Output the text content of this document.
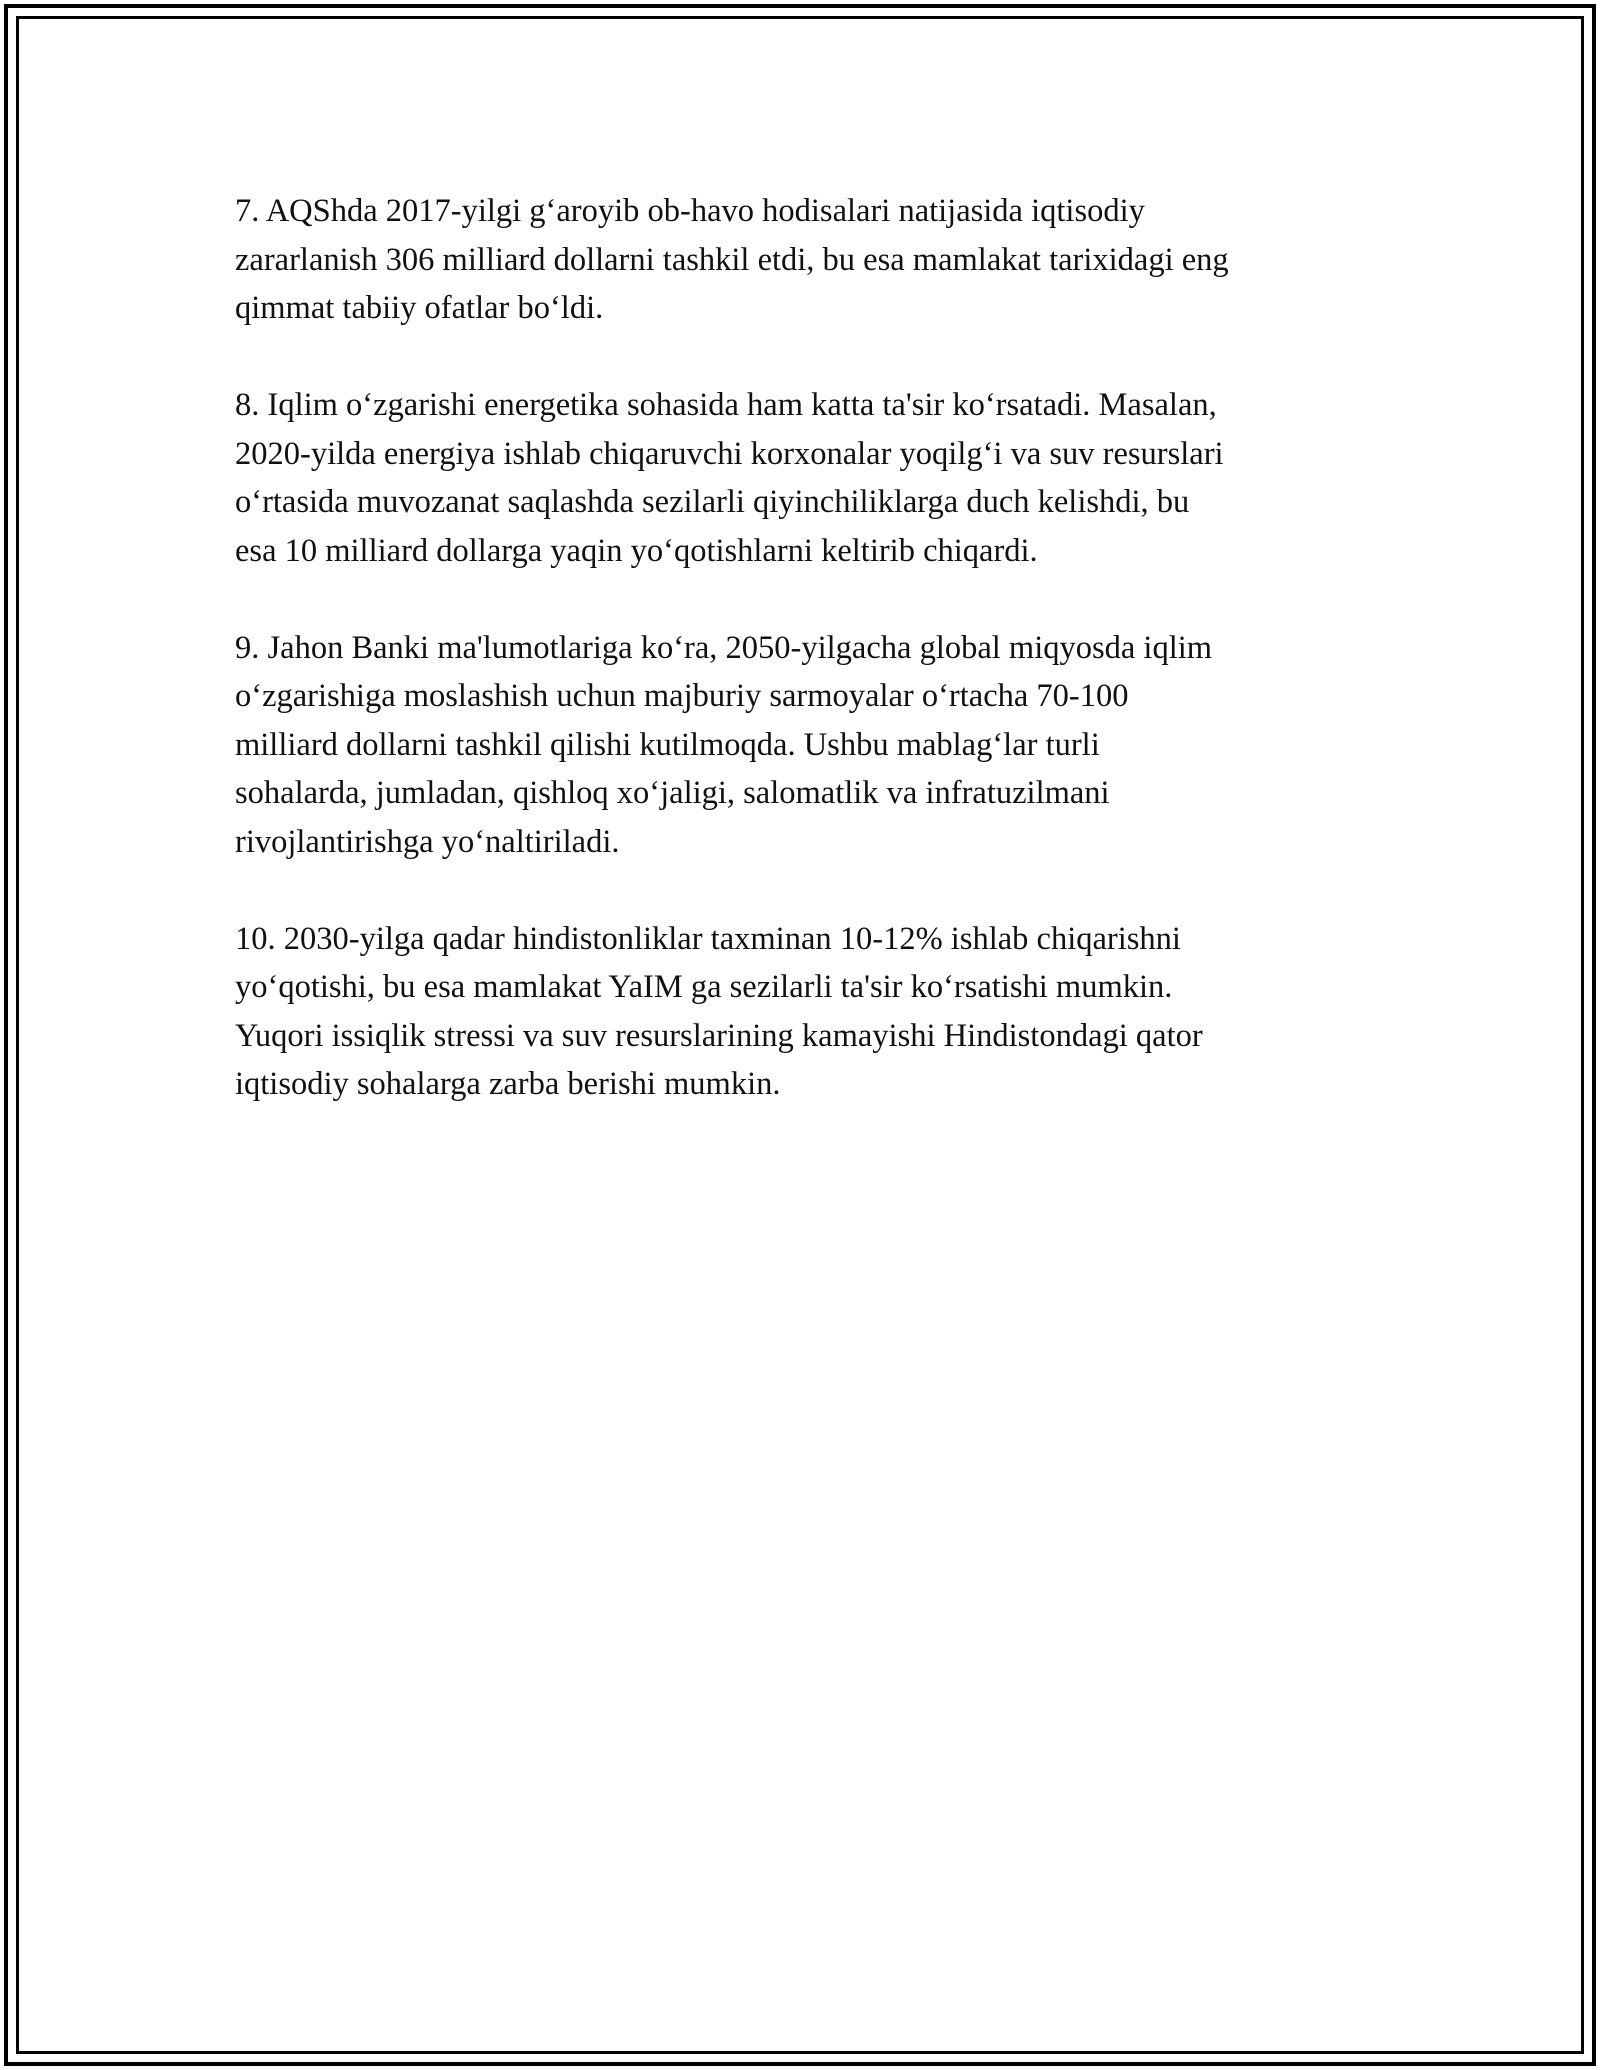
7. AQShda 2017-yilgi g‘aroyib ob-havo hodisalari natijasida iqtisodiy
zararlanish 306 milliard dollarni tashkil etdi, bu esa mamlakat tarixidagi eng
qimmat tabiiy ofatlar bo‘ldi.

8. Iqlim o‘zgarishi energetika sohasida ham katta ta'sir ko‘rsatadi. Masalan,
2020-yilda energiya ishlab chiqaruvchi korxonalar yoqilg‘i va suv resurslari
o‘rtasida muvozanat saqlashda sezilarli qiyinchiliklarga duch kelishdi, bu
esa 10 milliard dollarga yaqin yo‘qotishlarni keltirib chiqardi.

9. Jahon Banki ma'lumotlariga ko‘ra, 2050-yilgacha global miqyosda iqlim
o‘zgarishiga moslashish uchun majburiy sarmoyalar o‘rtacha 70-100
milliard dollarni tashkil qilishi kutilmoqda. Ushbu mablag‘lar turli
sohalarda, jumladan, qishloq xo‘jaligi, salomatlik va infratuzilmani
rivojlantirishga yo‘naltiriladi.

10. 2030-yilga qadar hindistonliklar taxminan 10-12% ishlab chiqarishni
yo‘qotishi, bu esa mamlakat YaIM ga sezilarli ta'sir ko‘rsatishi mumkin.
Yuqori issiqlik stressi va suv resurslarining kamayishi Hindistondagi qator
iqtisodiy sohalarga zarba berishi mumkin.
